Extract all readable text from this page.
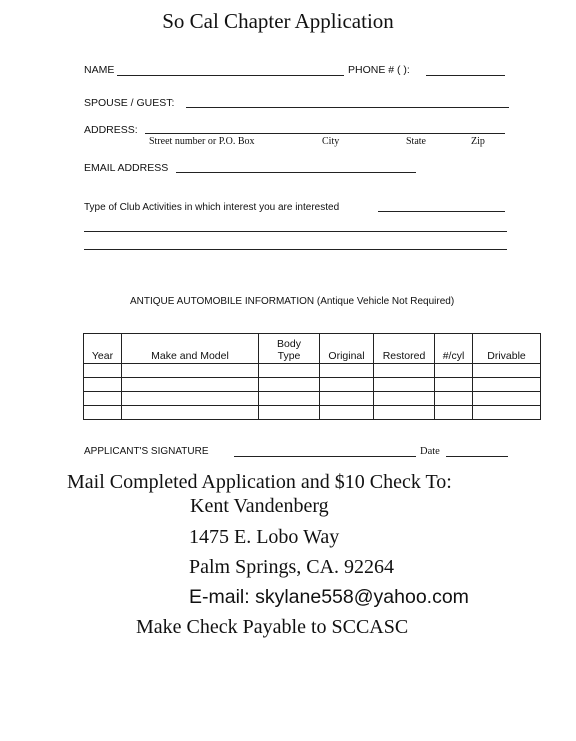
So Cal Chapter Application
NAME	PHONE # ( ):
SPOUSE / GUEST:
ADDRESS:
Street number or P.O. Box	City	State	Zip
EMAIL ADDRESS
Type of Club Activities in which interest you are interested
ANTIQUE AUTOMOBILE INFORMATION (Antique Vehicle Not Required)
Year	Make and Model	Body Type	Original	Restored	#/cyl	Drivable

APPLICANT'S SIGNATURE	Date
Mail Completed Application and $10 Check To:
Kent Vandenberg
1475 E. Lobo Way
Palm Springs, CA. 92264
E-mail: skylane558@yahoo.com
Make Check Payable to SCCASC
